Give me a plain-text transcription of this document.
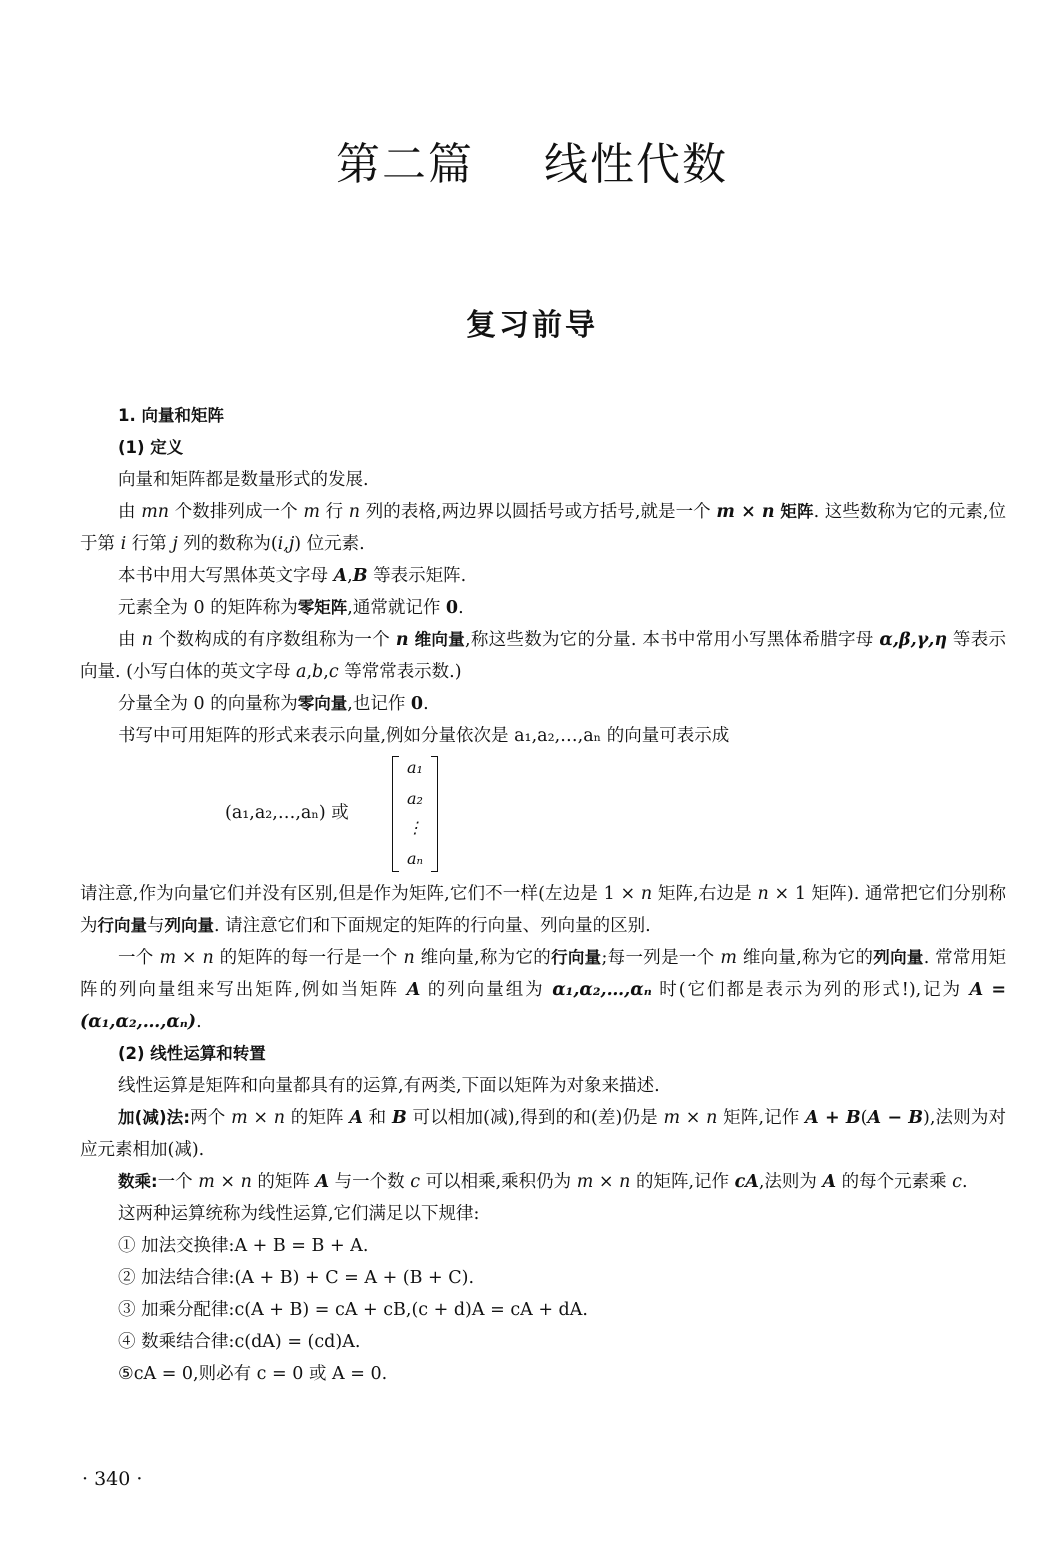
第二篇 线性代数
复习前导

1. 向量和矩阵

(1) 定义

向量和矩阵都是数量形式的发展.

由 mn 个数排列成一个 m 行 n 列的表格,两边界以圆括号或方括号,就是一个 m × n 矩阵. 这些数称为它的元素,位于第 i 行第 j 列的数称为(i,j) 位元素.

本书中用大写黑体英文字母 A,B 等表示矩阵.

元素全为 0 的矩阵称为零矩阵,通常就记作 0.

由 n 个数构成的有序数组称为一个 n 维向量,称这些数为它的分量. 本书中常用小写黑体希腊字母 α,β,γ,η 等表示向量. (小写白体的英文字母 a,b,c 等常常表示数.)

分量全为 0 的向量称为零向量,也记作 0.

书写中可用矩阵的形式来表示向量,例如分量依次是 a₁,a₂,…,aₙ 的向量可表示成

(a₁,a₂,…,aₙ) 或
a₁
a₂
⋮
aₙ

请注意,作为向量它们并没有区别,但是作为矩阵,它们不一样(左边是 1 × n 矩阵,右边是 n × 1 矩阵). 通常把它们分别称为行向量与列向量. 请注意它们和下面规定的矩阵的行向量、列向量的区别.

一个 m × n 的矩阵的每一行是一个 n 维向量,称为它的行向量;每一列是一个 m 维向量,称为它的列向量. 常常用矩阵的列向量组来写出矩阵,例如当矩阵 A 的列向量组为 α₁,α₂,…,αₙ 时(它们都是表示为列的形式!),记为 A = (α₁,α₂,…,αₙ).

(2) 线性运算和转置

线性运算是矩阵和向量都具有的运算,有两类,下面以矩阵为对象来描述.

加(减)法:两个 m × n 的矩阵 A 和 B 可以相加(减),得到的和(差)仍是 m × n 矩阵,记作 A + B(A − B),法则为对应元素相加(减).

数乘:一个 m × n 的矩阵 A 与一个数 c 可以相乘,乘积仍为 m × n 的矩阵,记作 cA,法则为 A 的每个元素乘 c.

这两种运算统称为线性运算,它们满足以下规律:

① 加法交换律:A + B = B + A.

② 加法结合律:(A + B) + C = A + (B + C).

③ 加乘分配律:c(A + B) = cA + cB,(c + d)A = cA + dA.

④ 数乘结合律:c(dA) = (cd)A.

⑤cA = 0,则必有 c = 0 或 A = 0.

· 340 ·
